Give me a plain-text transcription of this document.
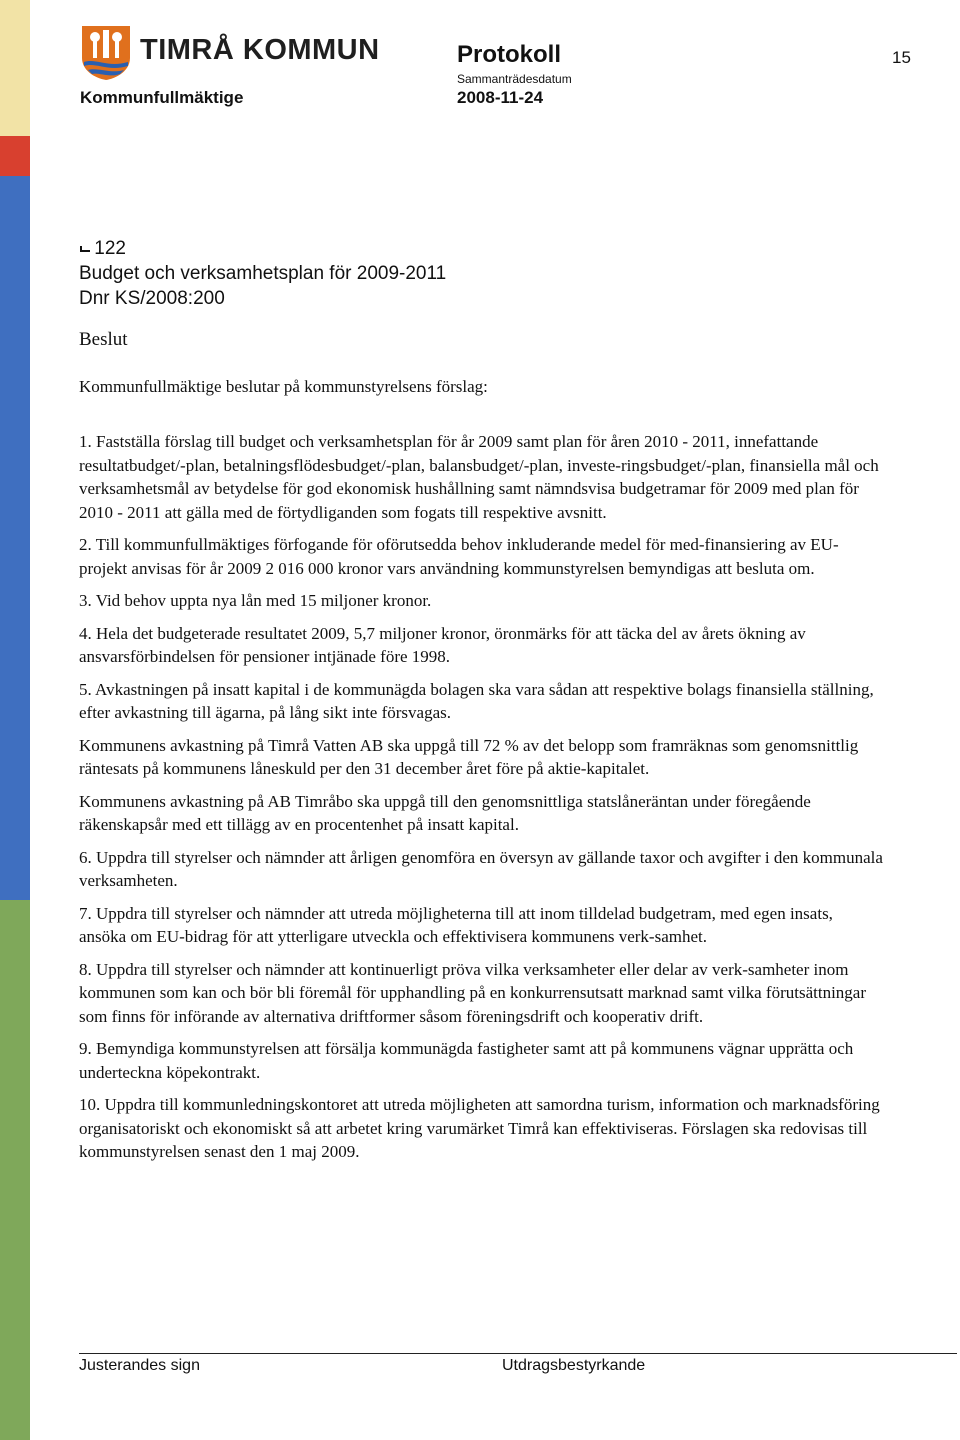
TIMRÅ KOMMUN
Kommunfullmäktige
Protokoll
Sammanträdesdatum
2008-11-24
15
122
Budget och verksamhetsplan för 2009-2011
Dnr KS/2008:200
Beslut
Kommunfullmäktige beslutar på kommunstyrelsens förslag:

1. Fastställa förslag till budget och verksamhetsplan för år 2009 samt plan för åren 2010 - 2011, innefattande resultatbudget/-plan, betalningsflödesbudget/-plan, balansbudget/-plan, investe-ringsbudget/-plan, finansiella mål och verksamhetsmål av betydelse för god ekonomisk hushållning samt nämndsvisa budgetramar för 2009 med plan för 2010 - 2011 att gälla med de förtydliganden som fogats till respektive avsnitt.

2. Till kommunfullmäktiges förfogande för oförutsedda behov inkluderande medel för med-finansiering av EU-projekt anvisas för år 2009 2 016 000 kronor vars användning kommunstyrelsen bemyndigas att besluta om.

3. Vid behov uppta nya lån med 15 miljoner kronor.

4. Hela det budgeterade resultatet 2009, 5,7 miljoner kronor, öronmärks för att täcka del av årets ökning av ansvarsförbindelsen för pensioner intjänade före 1998.

5. Avkastningen på insatt kapital i de kommunägda bolagen ska vara sådan att respektive bolags finansiella ställning, efter avkastning till ägarna, på lång sikt inte försvagas.

Kommunens avkastning på Timrå Vatten AB ska uppgå till 72 % av det belopp som framräknas som genomsnittlig räntesats på kommunens låneskuld per den 31 december året före på aktie-kapitalet.

Kommunens avkastning på AB Timråbo ska uppgå till den genomsnittliga statslåneräntan under föregående räkenskapsår med ett tillägg av en procentenhet på insatt kapital.

6. Uppdra till styrelser och nämnder att årligen genomföra en översyn av gällande taxor och avgifter i den kommunala verksamheten.

7. Uppdra till styrelser och nämnder att utreda möjligheterna till att inom tilldelad budgetram, med egen insats, ansöka om EU-bidrag för att ytterligare utveckla och effektivisera kommunens verk-samhet.

8. Uppdra till styrelser och nämnder att kontinuerligt pröva vilka verksamheter eller delar av verk-samheter inom kommunen som kan och bör bli föremål för upphandling på en konkurrensutsatt marknad samt vilka förutsättningar som finns för införande av alternativa driftformer såsom föreningsdrift och kooperativ drift.

9. Bemyndiga kommunstyrelsen att försälja kommunägda fastigheter samt att på kommunens vägnar upprätta och underteckna köpekontrakt.

10. Uppdra till kommunledningskontoret att utreda möjligheten att samordna turism, information och marknadsföring organisatoriskt och ekonomiskt så att arbetet kring varumärket Timrå kan effektiviseras. Förslagen ska redovisas till kommunstyrelsen senast den 1 maj 2009.

Justerandes sign	Utdragsbestyrkande
